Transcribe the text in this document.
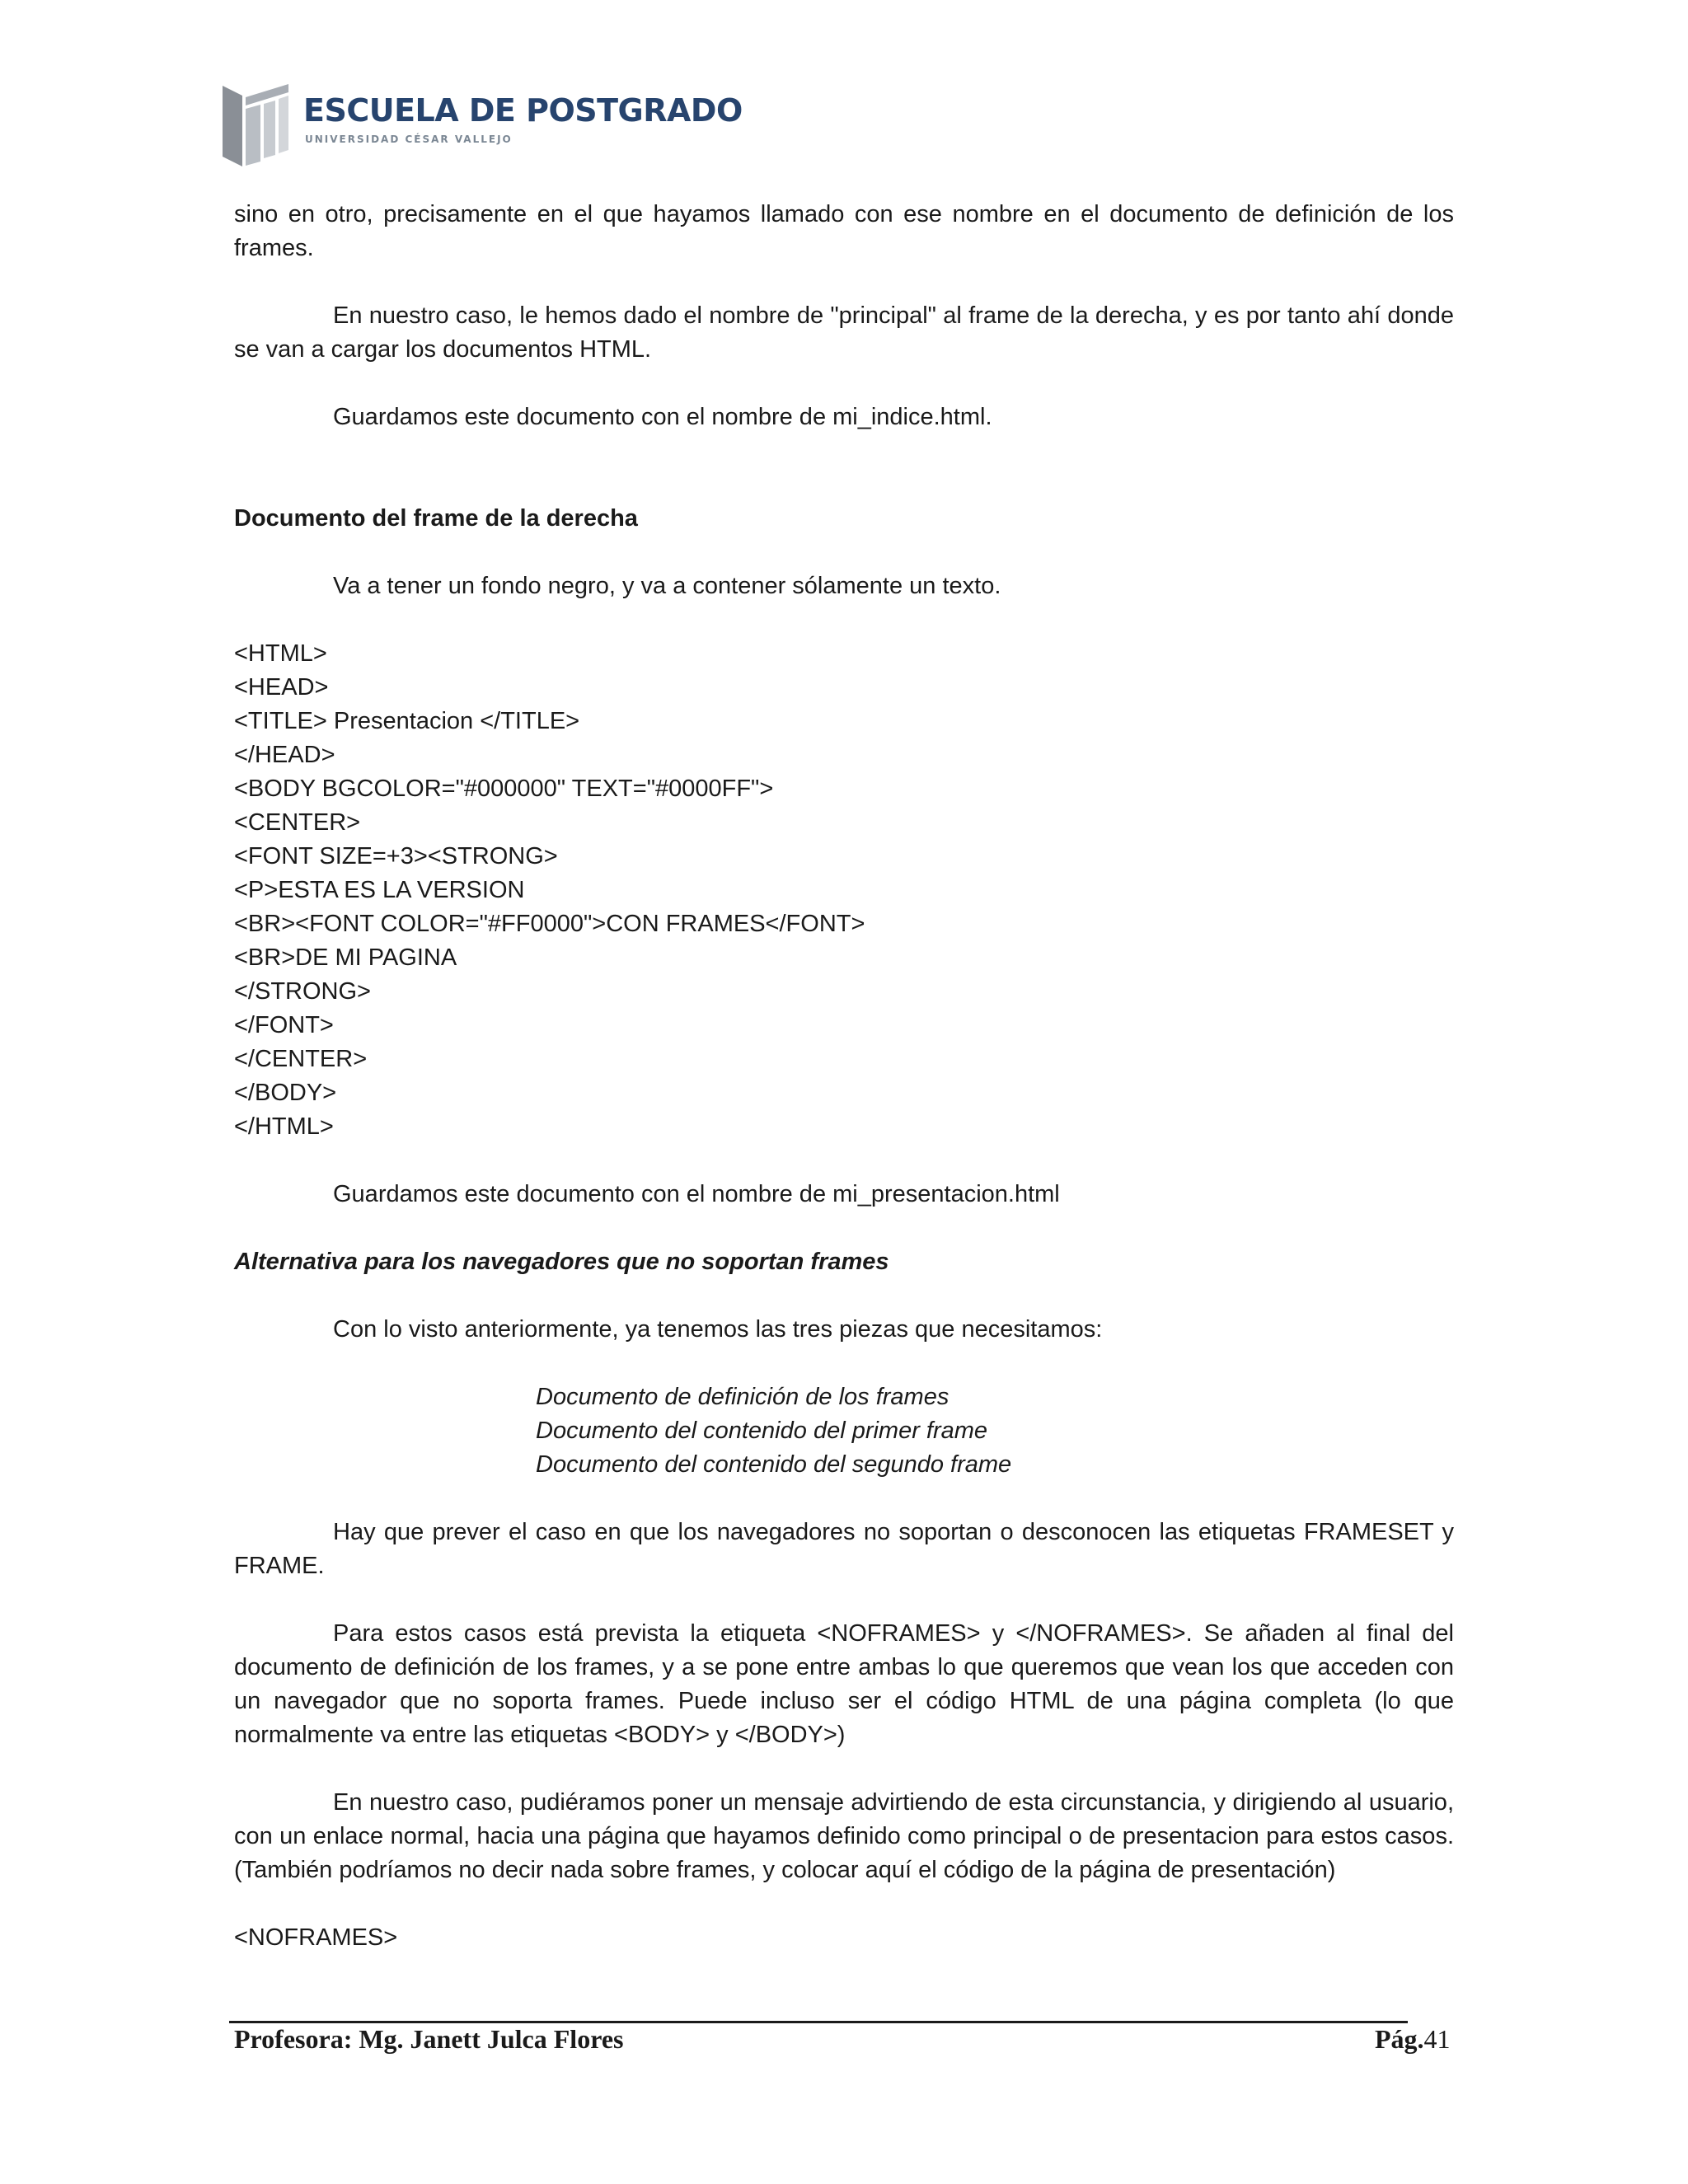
ESCUELA DE POSTGRADO
UNIVERSIDAD CÉSAR VALLEJO

sino en otro, precisamente en el que hayamos llamado con ese nombre en el documento de definición de los frames.

En nuestro caso, le hemos dado el nombre de "principal" al frame de la derecha, y es por tanto ahí donde se van a cargar los documentos HTML.

Guardamos este documento con el nombre de mi_indice.html.

Documento del frame de la derecha

Va a tener un fondo negro, y va a contener sólamente un texto.

<HTML>
<HEAD>
<TITLE> Presentacion </TITLE>
</HEAD>
<BODY BGCOLOR="#000000" TEXT="#0000FF">
<CENTER>
<FONT SIZE=+3><STRONG>
<P>ESTA ES LA VERSION
<BR><FONT COLOR="#FF0000">CON FRAMES</FONT>
<BR>DE MI PAGINA
</STRONG>
</FONT>
</CENTER>
</BODY>
</HTML>

Guardamos este documento con el nombre de mi_presentacion.html

Alternativa para los navegadores que no soportan frames

Con lo visto anteriormente, ya tenemos las tres piezas que necesitamos:

Documento de definición de los frames
Documento del contenido del primer frame
Documento del contenido del segundo frame

Hay que prever el caso en que los navegadores no soportan o desconocen las etiquetas FRAMESET y FRAME.

Para estos casos está prevista la etiqueta <NOFRAMES> y </NOFRAMES>. Se añaden al final del documento de definición de los frames, y a se pone entre ambas lo que queremos que vean los que acceden con un navegador que no soporta frames. Puede incluso ser el código HTML de una página completa (lo que normalmente va entre las etiquetas <BODY> y </BODY>)

En nuestro caso, pudiéramos poner un mensaje advirtiendo de esta circunstancia, y dirigiendo al usuario, con un enlace normal, hacia una página que hayamos definido como principal o de presentacion para estos casos. (También podríamos no decir nada sobre frames, y colocar aquí el código de la página de presentación)

<NOFRAMES>

Profesora: Mg. Janett Julca Flores	Pág.41
